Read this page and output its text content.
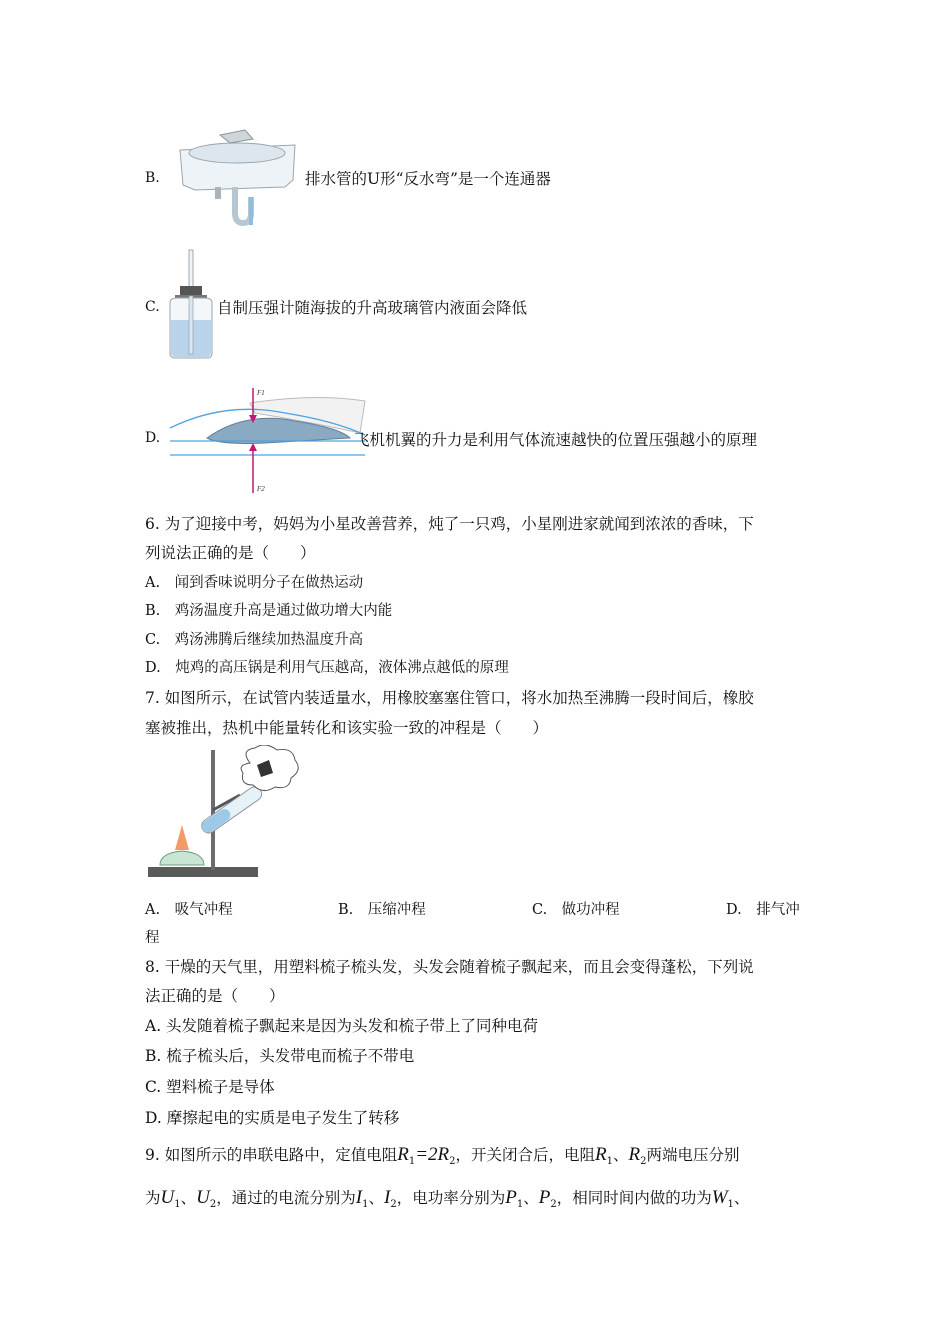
B.	排水管的U形“反水弯”是一个连通器
C.	自制压强计随海拔的升高玻璃管内液面会降低
D.
F1
F2
飞机机翼的升力是利用气体流速越快的位置压强越小的原理
6. 为了迎接中考，妈妈为小星改善营养，炖了一只鸡，小星刚进家就闻到浓浓的香味，下
列说法正确的是（　　）
A.　闻到香味说明分子在做热运动
B.　鸡汤温度升高是通过做功增大内能
C.　鸡汤沸腾后继续加热温度升高
D.　炖鸡的高压锅是利用气压越高，液体沸点越低的原理
7. 如图所示，在试管内装适量水，用橡胶塞塞住管口，将水加热至沸腾一段时间后，橡胶
塞被推出，热机中能量转化和该实验一致的冲程是（　　）
A.　吸气冲程	B.　压缩冲程	C.　做功冲程	D.　排气冲
程
8. 干燥的天气里，用塑料梳子梳头发，头发会随着梳子飘起来，而且会变得蓬松，下列说
法正确的是（　　）
A. 头发随着梳子飘起来是因为头发和梳子带上了同种电荷
B. 梳子梳头后，头发带电而梳子不带电
C. 塑料梳子是导体
D. 摩擦起电的实质是电子发生了转移
9. 如图所示的串联电路中，定值电阻$R_1=2R_2$，开关闭合后，电阻$R_1$、$R_2$两端电压分别
为$U_1$、$U_2$，通过的电流分别为$I_1$、$I_2$，电功率分别为$P_1$、$P_2$，相同时间内做的功为$W_1$、
